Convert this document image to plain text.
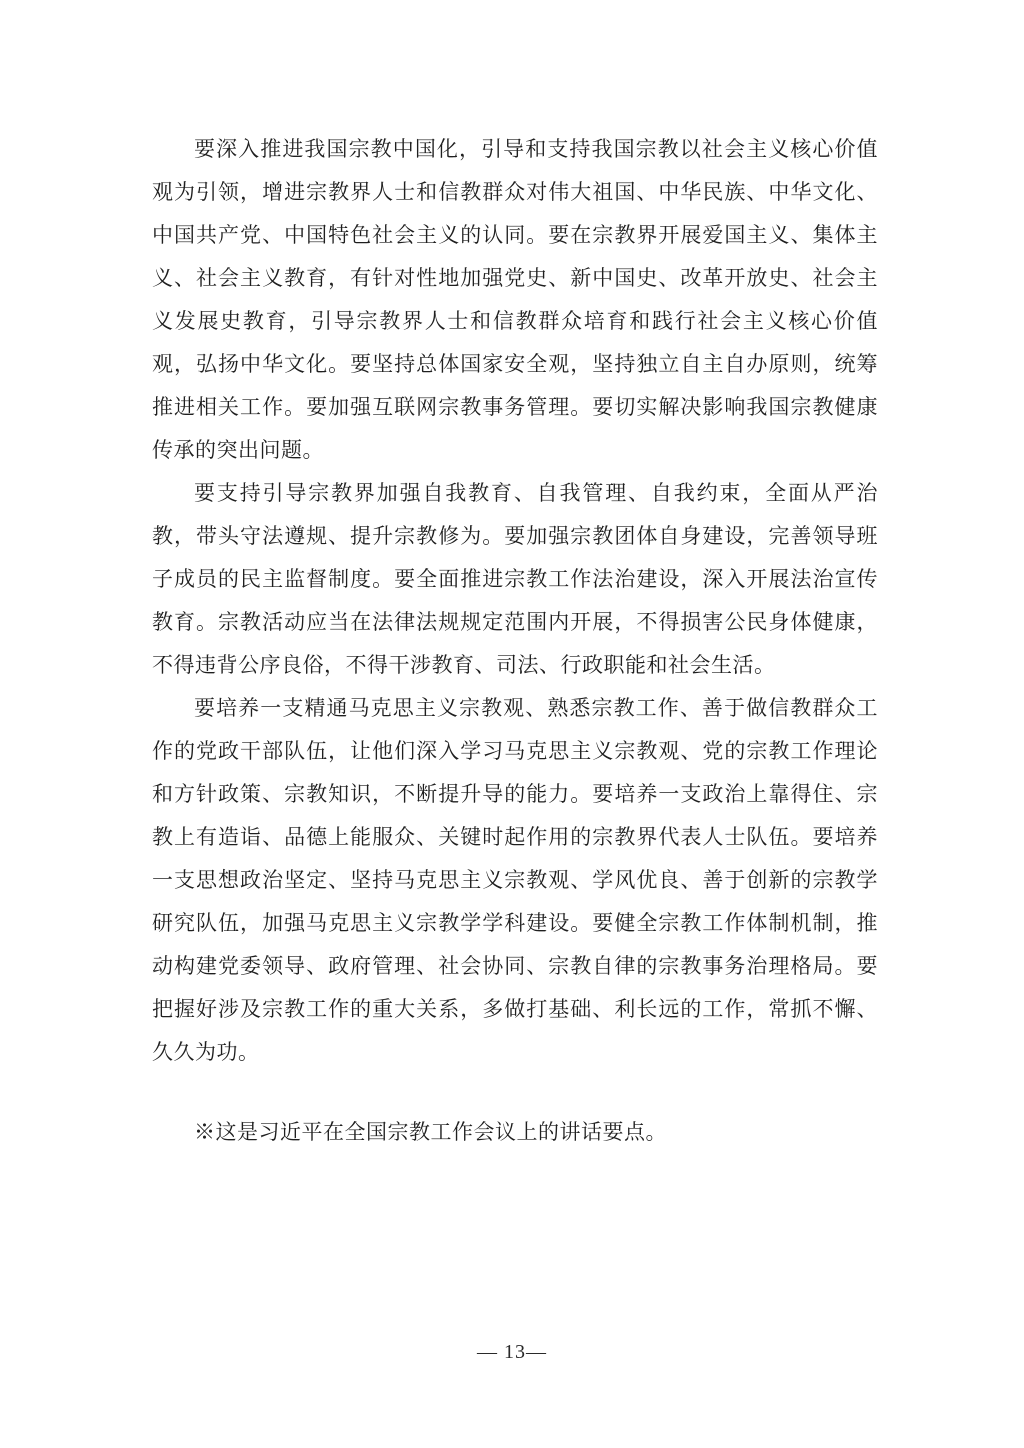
要深入推进我国宗教中国化，引导和支持我国宗教以社会主义核心价值观为引领，增进宗教界人士和信教群众对伟大祖国、中华民族、中华文化、中国共产党、中国特色社会主义的认同。要在宗教界开展爱国主义、集体主义、社会主义教育，有针对性地加强党史、新中国史、改革开放史、社会主义发展史教育，引导宗教界人士和信教群众培育和践行社会主义核心价值观，弘扬中华文化。要坚持总体国家安全观，坚持独立自主自办原则，统筹推进相关工作。要加强互联网宗教事务管理。要切实解决影响我国宗教健康传承的突出问题。

要支持引导宗教界加强自我教育、自我管理、自我约束，全面从严治教，带头守法遵规、提升宗教修为。要加强宗教团体自身建设，完善领导班子成员的民主监督制度。要全面推进宗教工作法治建设，深入开展法治宣传教育。宗教活动应当在法律法规规定范围内开展，不得损害公民身体健康，不得违背公序良俗，不得干涉教育、司法、行政职能和社会生活。

要培养一支精通马克思主义宗教观、熟悉宗教工作、善于做信教群众工作的党政干部队伍，让他们深入学习马克思主义宗教观、党的宗教工作理论和方针政策、宗教知识，不断提升导的能力。要培养一支政治上靠得住、宗教上有造诣、品德上能服众、关键时起作用的宗教界代表人士队伍。要培养一支思想政治坚定、坚持马克思主义宗教观、学风优良、善于创新的宗教学研究队伍，加强马克思主义宗教学学科建设。要健全宗教工作体制机制，推动构建党委领导、政府管理、社会协同、宗教自律的宗教事务治理格局。要把握好涉及宗教工作的重大关系，多做打基础、利长远的工作，常抓不懈、久久为功。

※这是习近平在全国宗教工作会议上的讲话要点。

— 13—
